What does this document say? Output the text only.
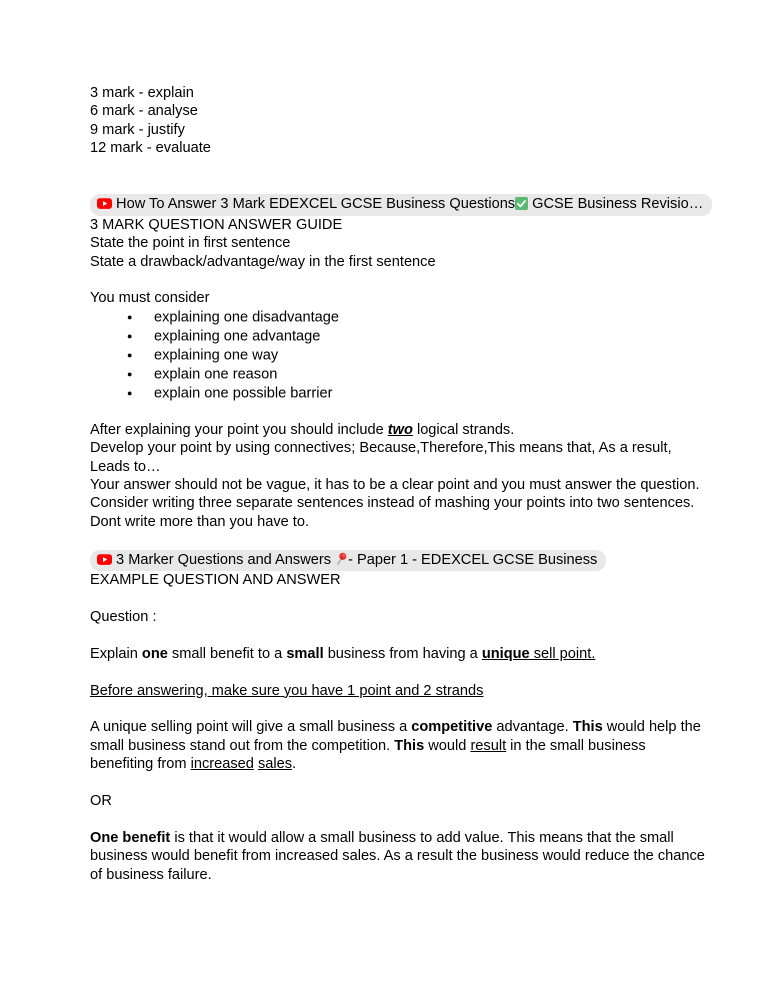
3 mark - explain
6 mark - analyse
9 mark - justify
12 mark - evaluate

How To Answer 3 Mark EDEXCEL GCSE Business Questions
GCSE Business Revisio…
3 MARK QUESTION ANSWER GUIDE
State the point in first sentence
State a drawback/advantage/way in the first sentence

You must consider
● explaining one disadvantage
● explaining one advantage
● explaining one way
● explain one reason
● explain one possible barrier

After explaining your point you should include two logical strands.
Develop your point by using connectives; Because,Therefore,This means that, As a result,
Leads to…
Your answer should not be vague, it has to be a clear point and you must answer the question.
Consider writing three separate sentences instead of mashing your points into two sentences.
Dont write more than you have to.

3 Marker Questions and Answers
- Paper 1 - EDEXCEL GCSE Business
EXAMPLE QUESTION AND ANSWER

Question :

Explain one small benefit to a small business from having a unique sell point.

Before answering, make sure you have 1 point and 2 strands

A unique selling point will give a small business a competitive advantage. This would help the
small business stand out from the competition. This would result in the small business
benefiting from increased sales.

OR

One benefit is that it would allow a small business to add value. This means that the small
business would benefit from increased sales. As a result the business would reduce the chance
of business failure.
